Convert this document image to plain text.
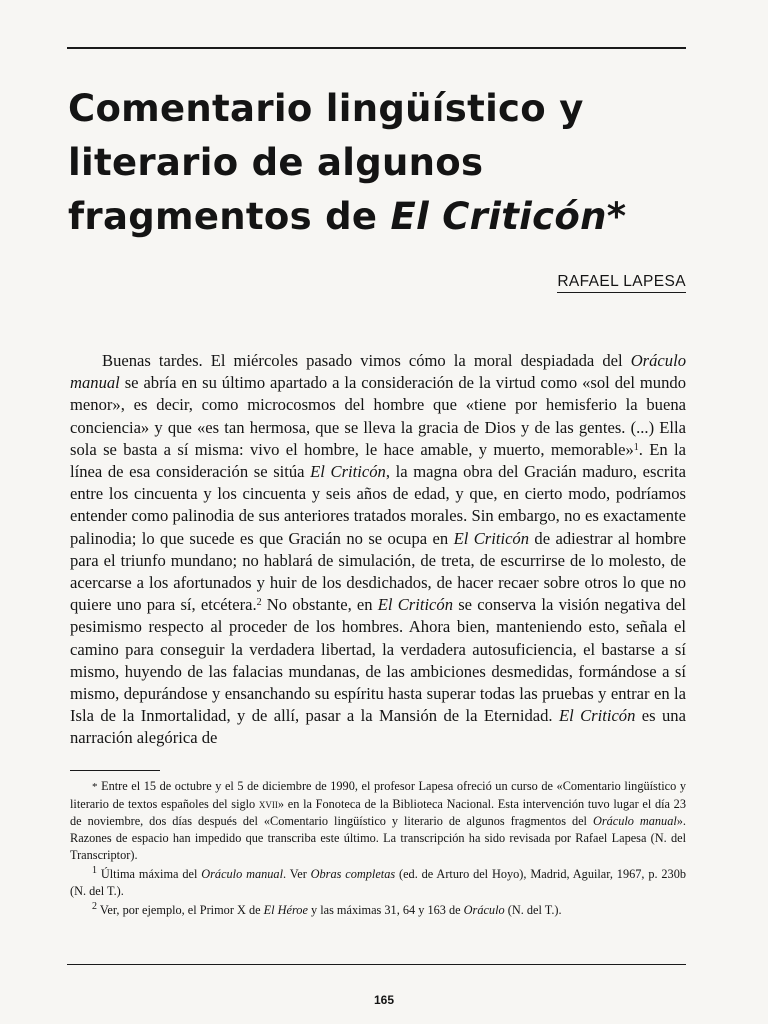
Comentario lingüístico y literario de algunos fragmentos de El Criticón*
RAFAEL LAPESA

Buenas tardes. El miércoles pasado vimos cómo la moral despiadada del Oráculo manual se abría en su último apartado a la consideración de la virtud como «sol del mundo menor», es decir, como microcosmos del hombre que «tiene por hemisferio la buena conciencia» y que «es tan hermosa, que se lleva la gracia de Dios y de las gentes. (...) Ella sola se basta a sí misma: vivo el hombre, le hace amable, y muerto, memorable»$^1$. En la línea de esa consideración se sitúa El Criticón, la magna obra del Gracián maduro, escrita entre los cincuenta y los cincuenta y seis años de edad, y que, en cierto modo, podríamos entender como palinodia de sus anteriores tratados morales. Sin embargo, no es exactamente palinodia; lo que sucede es que Gracián no se ocupa en El Criticón de adiestrar al hombre para el triunfo mundano; no hablará de simulación, de treta, de escurrirse de lo molesto, de acercarse a los afortunados y huir de los desdichados, de hacer recaer sobre otros lo que no quiere uno para sí, etcétera.$^2$ No obstante, en El Criticón se conserva la visión negativa del pesimismo respecto al proceder de los hombres. Ahora bien, manteniendo esto, señala el camino para conseguir la verdadera libertad, la verdadera autosuficiencia, el bastarse a sí mismo, huyendo de las falacias mundanas, de las ambiciones desmedidas, formándose a sí mismo, depurándose y ensanchando su espíritu hasta superar todas las pruebas y entrar en la Isla de la Inmortalidad, y de allí, pasar a la Mansión de la Eternidad. El Criticón es una narración alegórica de

* Entre el 15 de octubre y el 5 de diciembre de 1990, el profesor Lapesa ofreció un curso de «Comentario lingüístico y literario de textos españoles del siglo xvii» en la Fonoteca de la Biblioteca Nacional. Esta intervención tuvo lugar el día 23 de noviembre, dos días después del «Comentario lingüístico y literario de algunos fragmentos del Oráculo manual». Razones de espacio han impedido que transcriba este último. La transcripción ha sido revisada por Rafael Lapesa (N. del Transcriptor).

$^1$ Última máxima del Oráculo manual. Ver Obras completas (ed. de Arturo del Hoyo), Madrid, Aguilar, 1967, p. 230b (N. del T.).

$^2$ Ver, por ejemplo, el Primor X de El Héroe y las máximas 31, 64 y 163 de Oráculo (N. del T.).

165
